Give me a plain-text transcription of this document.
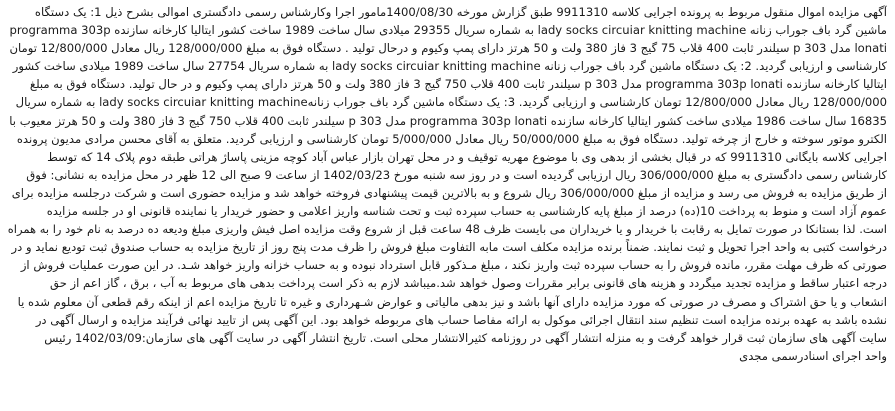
آگهی مزایده اموال منقول مربوط به پرونده اجرایی کلاسه 9911310 طبق گزارش مورخه 1400/08/30مامور اجرا وکارشناس رسمی دادگستری اموالی بشرح ذیل 1: یک دستگاه
ماشین گرد باف جوراب زنانه lady socks circuiar knitting machine به شماره سریال 29355 میلادی سال ساخت 1989 ساخت کشور ایتالیا کارخانه سازنده programma 303p
lonati مدل 303 p سیلندر ثابت 400 قلاب 75 گیج 3 فاز 380 ولت و 50 هرتز دارای پمپ وکیوم و درحال تولید . دستگاه فوق به مبلغ 128/000/000 ریال معادل 12/800/000 تومان
کارشناسی و ارزیابی گردید. 2: یک دستگاه ماشین گرد باف جوراب زنانه lady socks circuiar knitting machine به شماره سریال 27754 سال ساخت 1989 میلادی ساخت کشور
ایتالیا کارخانه سازنده programma 303p lonati مدل 303 p سیلندر ثابت 400 قلاب 750 گیج 3 فاز 380 ولت و 50 هرتز دارای پمپ وکیوم و در حال تولید. دستگاه فوق به مبلغ
128/000/000 ریال معادل 12/800/000 تومان کارشناسی و ارزیابی گردید. 3: یک دستگاه ماشین گرد باف جوراب زنانهlady socks circuiar knitting machine به شماره سریال
16835 سال ساخت 1986 میلادی ساخت کشور ایتالیا کارخانه سازنده programma 303p lonati مدل 303 p سیلندر ثابت 400 قلاب 750 گیج 3 فاز 380 ولت و 50 هرتز معیوب با
الکترو موتور سوخته و خارج از چرخه تولید. دستگاه فوق به مبلغ 50/000/000 ریال معادل 5/000/000 تومان کارشناسی و ارزیابی گردید. متعلق به آقای محسن مرادی مدیون پرونده
اجرایی کلاسه بایگانی 9911310 که در قبال بخشی از بدهی وی با موضوع مهریه توقیف و در محل تهران بازار عباس آباد کوچه مزینی پاساژ هراتی طبقه دوم پلاک 14 که توسط
کارشناس رسمی دادگستری به مبلغ 306/000/000 ریال ارزیابی گردیده است و در روز سه شنبه مورخ 1402/03/23 از ساعت 9 صبح الی 12 ظهر در محل مزایده به نشانی: فوق
از طریق مزایده به فروش می رسد و مزایده از مبلغ 306/000/000 ریال شروع و به بالاترین قیمت پیشنهادی فروخته خواهد شد و مزایده حضوری است و شرکت درجلسه مزایده برای
عموم آزاد است و منوط به پرداخت 10(ده) درصد از مبلغ پایه کارشناسی به حساب سپرده ثبت و تحت شناسه واریز اعلامی و حضور خریدار یا نماینده قانونی او در جلسه مزایده
است. لذا بستانکا در صورت تمایل به رقابت با خریدار و یا خریداران می بایست ظرف 48 ساعت قبل از شروع وقت مزایده اصل فیش واریزی مبلغ ودیعه ده درصد به نام خود را به همراه
درخواست کتبی به واحد اجرا تحویل و ثبت نمایند. ضمناً برنده مزایده مکلف است مابه التفاوت مبلغ فروش را ظرف مدت پنج روز از تاریخ مزایده به حساب صندوق ثبت تودیع نماید و در
صورتی که ظرف مهلت مقرر، مانده فروش را به حساب سپرده ثبت واریز نکند ، مبلغ مـذکور قابل استرداد نبوده و به حساب خزانه واریز خواهد شـد. در این صورت عملیات فروش از
درجه اعتبار ساقط و مزایده تجدید میگردد و هزینه های قانونی برابر مقررات وصول خواهد شد.میباشد لازم به ذکر است پرداخت بدهی های مربوط به آب ، برق ، گاز اعم از حق
انشعاب و یا حق اشتراک و مصرف در صورتی که مورد مزایده دارای آنها باشد و نیز بدهی مالیاتی و عوارض شـهرداری و غیره تا تاریخ مزایده اعم از اینکه رقم قطعی آن معلوم شده یا
نشده باشد به عهده برنده مزایده است تنظیم سند انتقال اجرائی موکول به ارائه مفاصا حساب های مربوطه خواهد بود. این آگهی پس از تایید نهائی فرآیند مزایده و ارسال آگهی در
سایت آگهی های سازمان ثبت قرار خواهد گرفت و به منزله انتشار آگهی در روزنامه کثیرالانتشار محلی است. تاریخ انتشار آگهی در سایت آگهی های سازمان:1402/03/09 رئیس
واحد اجرای اسنادرسمی مجدی
